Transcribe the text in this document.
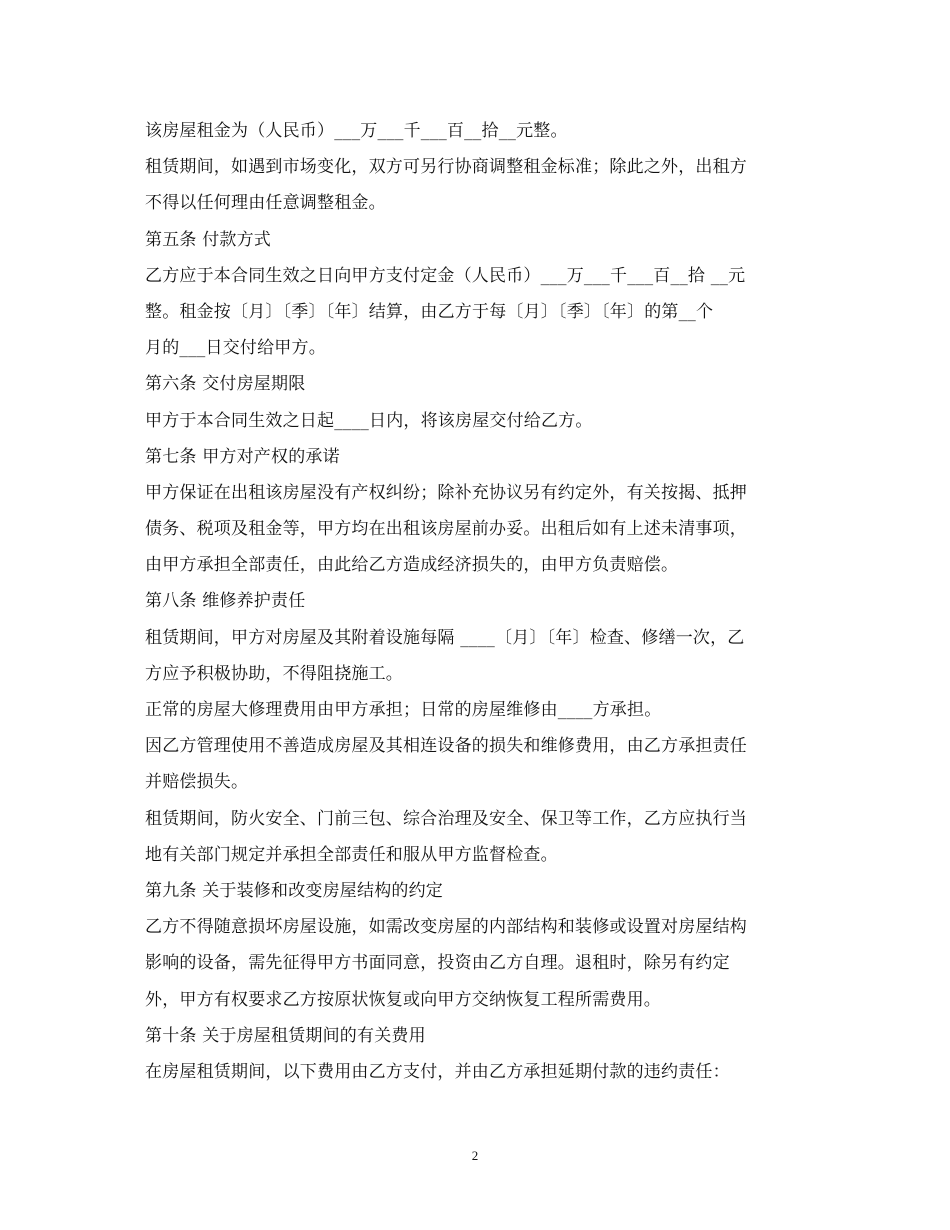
该房屋租金为（人民币）___万___千___百__拾__元整。
租赁期间，如遇到市场变化，双方可另行协商调整租金标准；除此之外，出租方
不得以任何理由任意调整租金。
第五条 付款方式
乙方应于本合同生效之日向甲方支付定金（人民币）___万___千___百__拾 __元
整。租金按〔月〕〔季〕〔年〕结算，由乙方于每〔月〕〔季〕〔年〕的第__个
月的___日交付给甲方。
第六条 交付房屋期限
甲方于本合同生效之日起____日内，将该房屋交付给乙方。
第七条 甲方对产权的承诺
甲方保证在出租该房屋没有产权纠纷；除补充协议另有约定外，有关按揭、抵押
债务、税项及租金等，甲方均在出租该房屋前办妥。出租后如有上述未清事项，
由甲方承担全部责任，由此给乙方造成经济损失的，由甲方负责赔偿。
第八条 维修养护责任
租赁期间，甲方对房屋及其附着设施每隔 ____〔月〕〔年〕检查、修缮一次，乙
方应予积极协助，不得阻挠施工。
正常的房屋大修理费用由甲方承担；日常的房屋维修由____方承担。
因乙方管理使用不善造成房屋及其相连设备的损失和维修费用，由乙方承担责任
并赔偿损失。
租赁期间，防火安全、门前三包、综合治理及安全、保卫等工作，乙方应执行当
地有关部门规定并承担全部责任和服从甲方监督检查。
第九条 关于装修和改变房屋结构的约定
乙方不得随意损坏房屋设施，如需改变房屋的内部结构和装修或设置对房屋结构
影响的设备，需先征得甲方书面同意，投资由乙方自理。退租时，除另有约定
外，甲方有权要求乙方按原状恢复或向甲方交纳恢复工程所需费用。
第十条 关于房屋租赁期间的有关费用
在房屋租赁期间，以下费用由乙方支付，并由乙方承担延期付款的违约责任：
2
